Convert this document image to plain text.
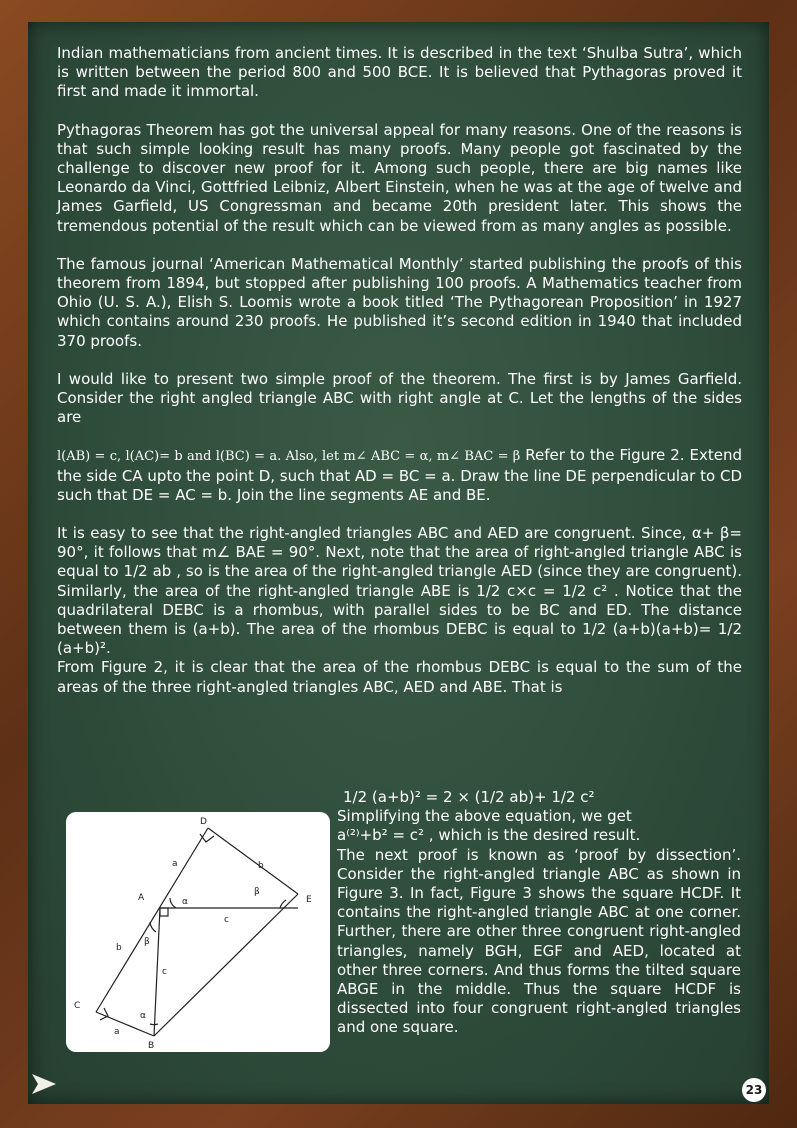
Indian mathematicians from ancient times. It is described in the text ‘Shulba Sutra’, which is written between the period 800 and 500 BCE. It is believed that Pythagoras proved it first and made it immortal.

Pythagoras Theorem has got the universal appeal for many reasons. One of the reasons is that such simple looking result has many proofs. Many people got fascinated by the challenge to discover new proof for it. Among such people, there are big names like Leonardo da Vinci, Gottfried Leibniz, Albert Einstein, when he was at the age of twelve and James Garfield, US Congressman and became 20th president later. This shows the tremendous potential of the result which can be viewed from as many angles as possible.

The famous journal ‘American Mathematical Monthly’ started publishing the proofs of this theorem from 1894, but stopped after publishing 100 proofs. A Mathematics teacher from Ohio (U. S. A.), Elish S. Loomis wrote a book titled ‘The Pythagorean Proposition’ in 1927 which contains around 230 proofs. He published it’s second edition in 1940 that included 370 proofs.

I would like to present two simple proof of the theorem. The first is by James Garfield. Consider the right angled triangle ABC with right angle at C. Let the lengths of the sides are

l(AB) = c, l(AC)= b and l(BC) = a. Also, let m∠ ABC = α, m∠ BAC = β Refer to the Figure 2. Extend the side CA upto the point D, such that AD = BC = a. Draw the line DE perpendicular to CD such that DE = AC = b. Join the line segments AE and BE.

It is easy to see that the right-angled triangles ABC and AED are congruent. Since, α+ β= 90°, it follows that m∠ BAE = 90°. Next, note that the area of right-angled triangle ABC is equal to 1/2 ab , so is the area of the right-angled triangle AED (since they are congruent). Similarly, the area of the right-angled triangle ABE is 1/2 c×c = 1/2 c² . Notice that the quadrilateral DEBC is a rhombus, with parallel sides to be BC and ED. The distance between them is (a+b). The area of the rhombus DEBC is equal to 1/2 (a+b)(a+b)= 1/2 (a+b)².

From Figure 2, it is clear that the area of the rhombus DEBC is equal to the sum of the areas of the three right-angled triangles ABC, AED and ABE. That is

D
A	E
C
B
a	b
α
β
c
β
b
c
α
a

1/2 (a+b)² = 2 × (1/2 ab)+ 1/2 c²

Simplifying the above equation, we get

a⁽²⁾+b² = c² , which is the desired result.

The next proof is known as ‘proof by dissection’. Consider the right-angled triangle ABC as shown in Figure 3. In fact, Figure 3 shows the square HCDF. It contains the right-angled triangle ABC at one corner. Further, there are other three congruent right-angled triangles, namely BGH, EGF and AED, located at other three corners. And thus forms the tilted square ABGE in the middle. Thus the square HCDF is dissected into four congruent right-angled triangles and one square.

23
